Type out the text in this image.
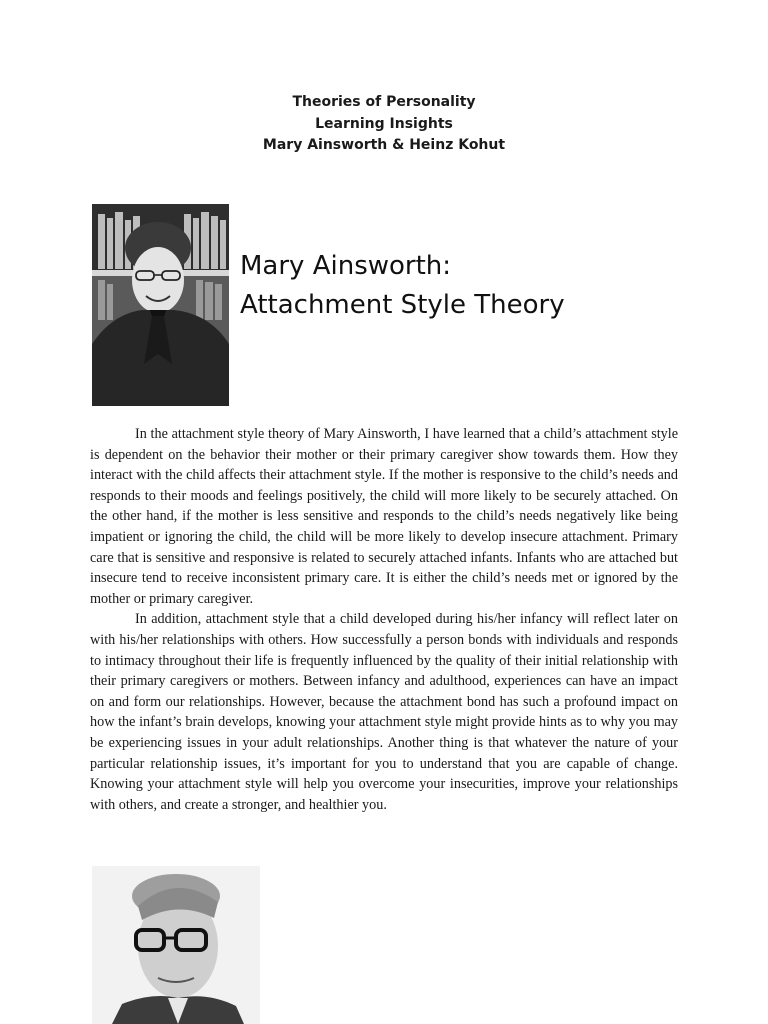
Theories of Personality
Learning Insights
Mary Ainsworth & Heinz Kohut
Mary Ainsworth:
Attachment Style Theory

In the attachment style theory of Mary Ainsworth, I have learned that a child’s attachment style is dependent on the behavior their mother or their primary caregiver show towards them. How they interact with the child affects their attachment style. If the mother is responsive to the child’s needs and responds to their moods and feelings positively, the child will more likely to be securely attached. On the other hand, if the mother is less sensitive and responds to the child’s needs negatively like being impatient or ignoring the child, the child will be more likely to develop insecure attachment. Primary care that is sensitive and responsive is related to securely attached infants. Infants who are attached but insecure tend to receive inconsistent primary care. It is either the child’s needs met or ignored by the mother or primary caregiver.

In addition, attachment style that a child developed during his/her infancy will reflect later on with his/her relationships with others. How successfully a person bonds with individuals and responds to intimacy throughout their life is frequently influenced by the quality of their initial relationship with their primary caregivers or mothers. Between infancy and adulthood, experiences can have an impact on and form our relationships. However, because the attachment bond has such a profound impact on how the infant’s brain develops, knowing your attachment style might provide hints as to why you may be experiencing issues in your adult relationships. Another thing is that whatever the nature of your particular relationship issues, it’s important for you to understand that you are capable of change. Knowing your attachment style will help you overcome your insecurities, improve your relationships with others, and create a stronger, and healthier you.
